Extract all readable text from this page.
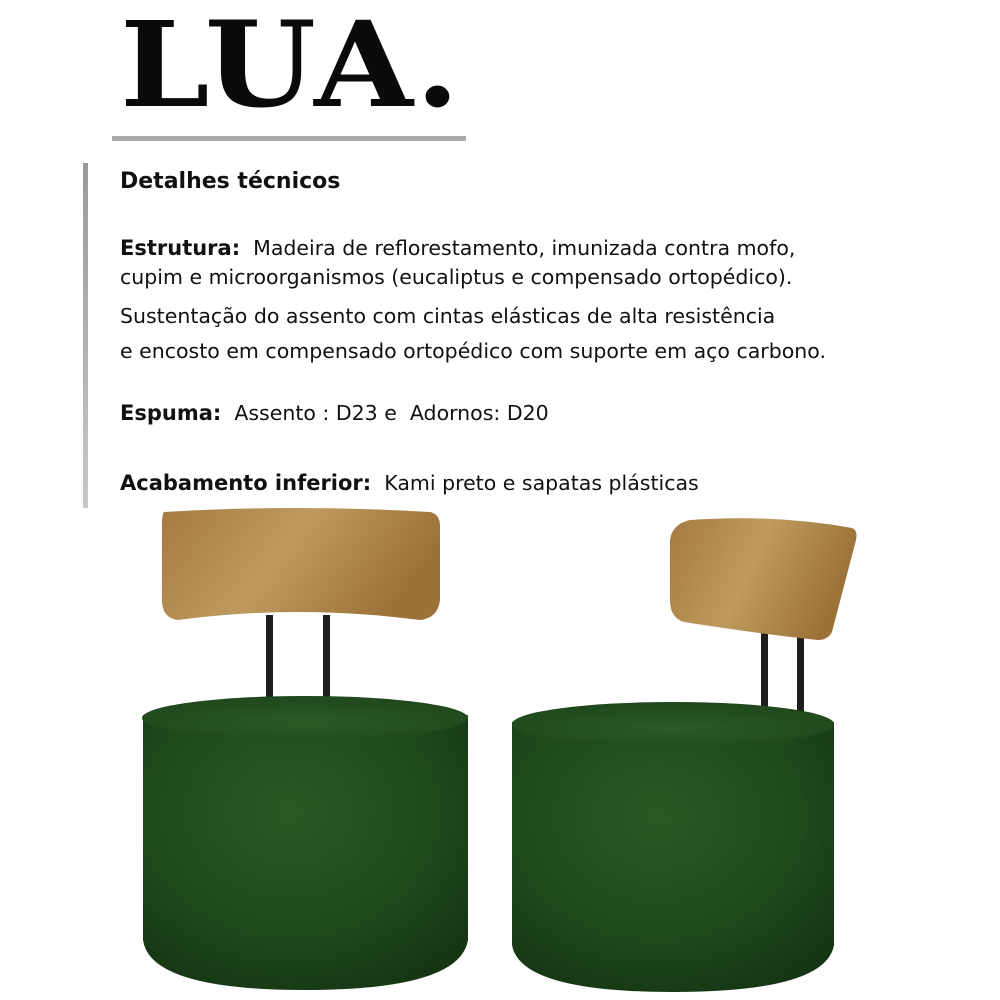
LUA.
Detalhes técnicos
Estrutura: Madeira de reflorestamento, imunizada contra mofo,
cupim e microorganismos (eucaliptus e compensado ortopédico).
Sustentação do assento com cintas elásticas de alta resistência
e encosto em compensado ortopédico com suporte em aço carbono.
Espuma: Assento : D23 e Adornos: D20
Acabamento inferior: Kami preto e sapatas plásticas
